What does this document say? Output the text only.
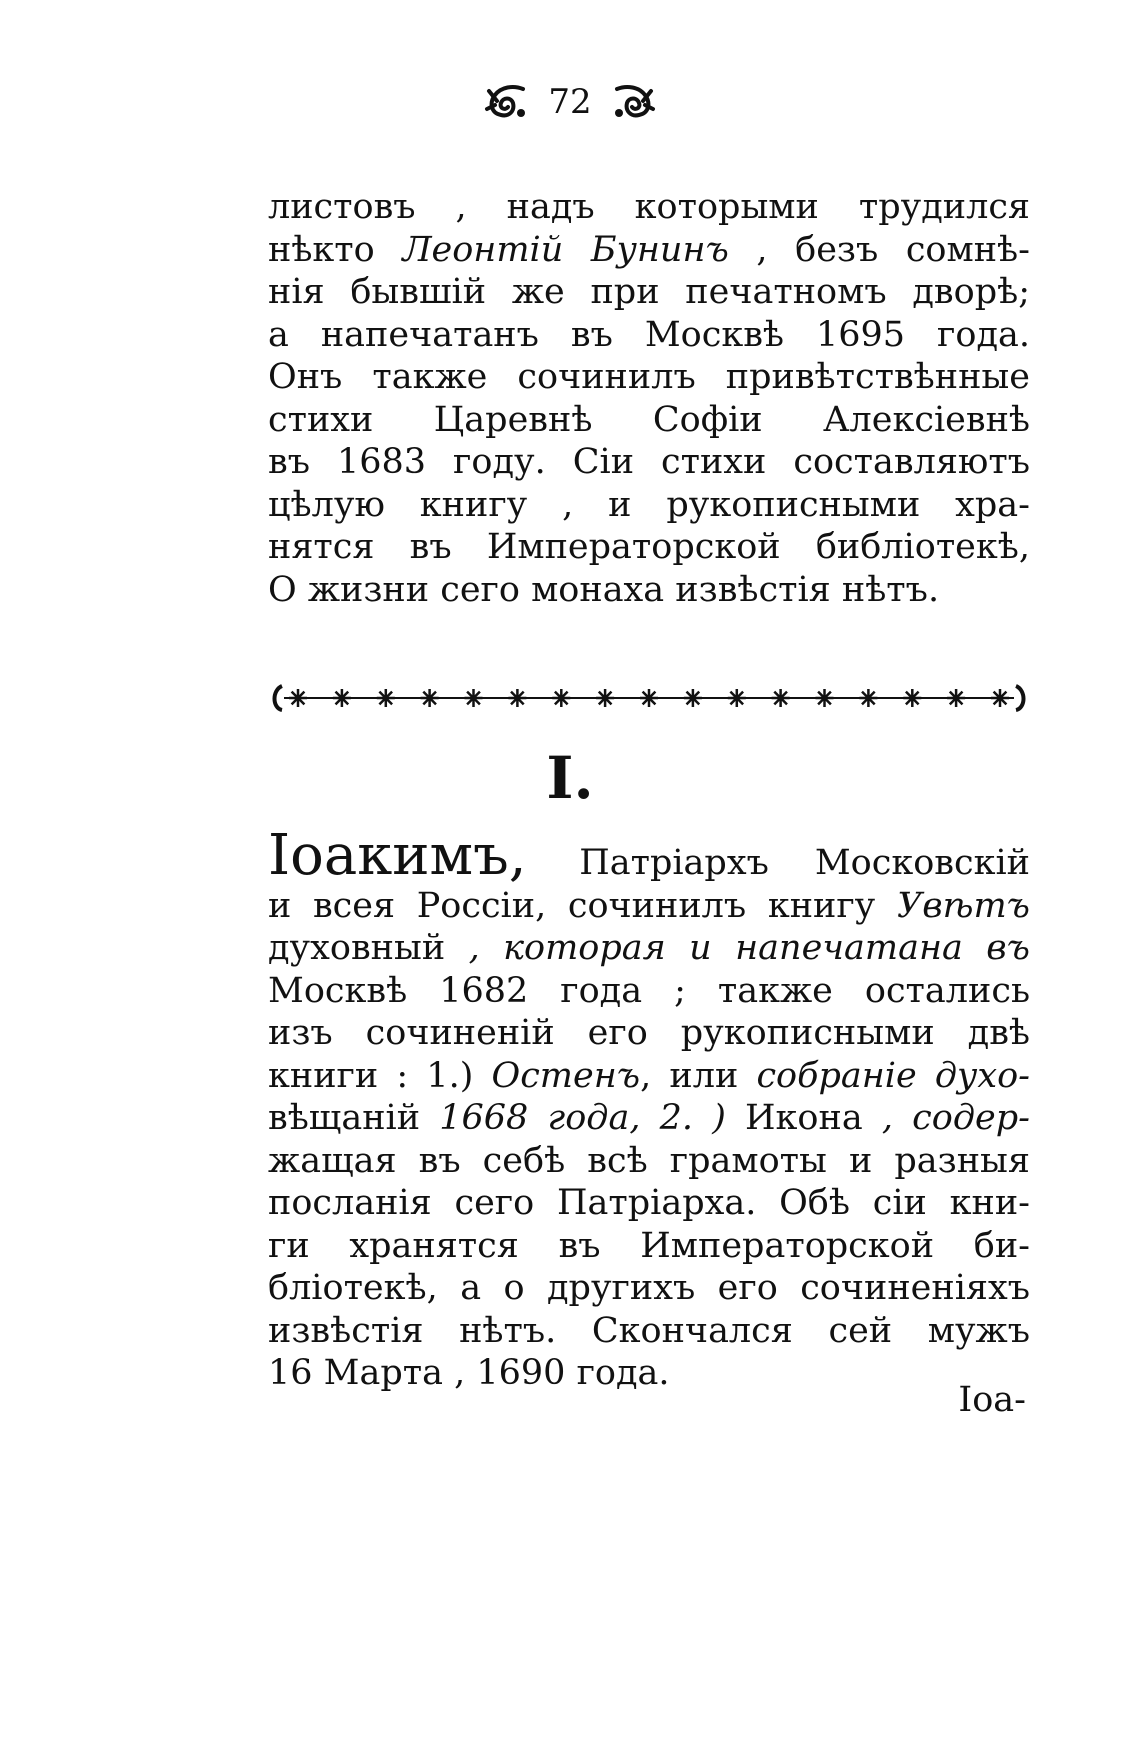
72
листовъ , надъ которыми трудился
нѣкто Леонтій Бунинъ , безъ сомнѣ-
нія бывшій же при печатномъ дворѣ;
а напечатанъ въ Москвѣ 1695 года.
Онъ также сочинилъ привѣтствѣнные
стихи Царевнѣ Софіи Алексіевнѣ
въ 1683 году. Сіи стихи составляютъ
цѣлую книгу , и рукописными хра-
нятся въ Императорской библіотекѣ,
О жизни сего монаха извѣстія нѣтъ.
I.
Іоакимъ, Патріархъ Московскій
и всея Россіи, сочинилъ книгу Увѣтъ
духовный , которая и напечатана въ
Москвѣ 1682 года ; также остались
изъ сочиненій его рукописными двѣ
книги : 1.) Остенъ, или собраніе духо-
вѣщаній 1668 года, 2. ) Икона , содер-
жащая въ себѣ всѣ грамоты и разныя
посланія сего Патріарха. Обѣ сіи кни-
ги хранятся въ Императорской би-
бліотекѣ, а о другихъ его сочиненіяхъ
извѣстія нѣтъ. Скончался сей мужъ
16 Марта , 1690 года.
Іоа-
